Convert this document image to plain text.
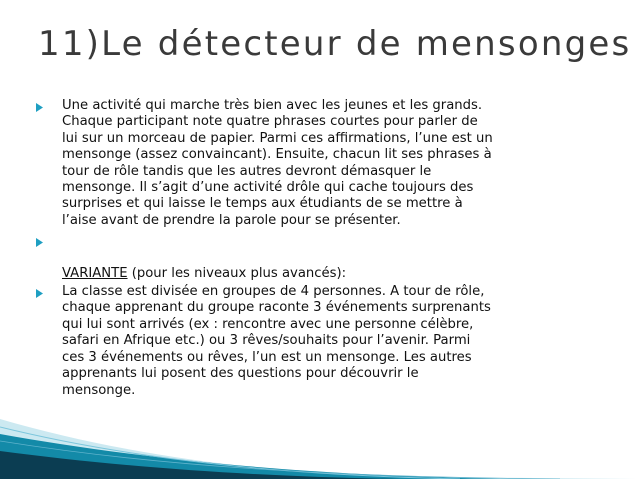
11)Le détecteur de mensonges
Une activité qui marche très bien avec les jeunes et les grands.
Chaque participant note quatre phrases courtes pour parler de
lui sur un morceau de papier. Parmi ces affirmations, l’une est un
mensonge (assez convaincant). Ensuite, chacun lit ses phrases à
tour de rôle tandis que les autres devront démasquer le
mensonge. Il s’agit d’une activité drôle qui cache toujours des
surprises et qui laisse le temps aux étudiants de se mettre à
l’aise avant de prendre la parole pour se présenter.

VARIANTE (pour les niveaux plus avancés):

La classe est divisée en groupes de 4 personnes. A tour de rôle,
chaque apprenant du groupe raconte 3 événements surprenants
qui lui sont arrivés (ex : rencontre avec une personne célèbre,
safari en Afrique etc.) ou 3 rêves/souhaits pour l’avenir. Parmi
ces 3 événements ou rêves, l’un est un mensonge. Les autres
apprenants lui posent des questions pour découvrir le
mensonge.
